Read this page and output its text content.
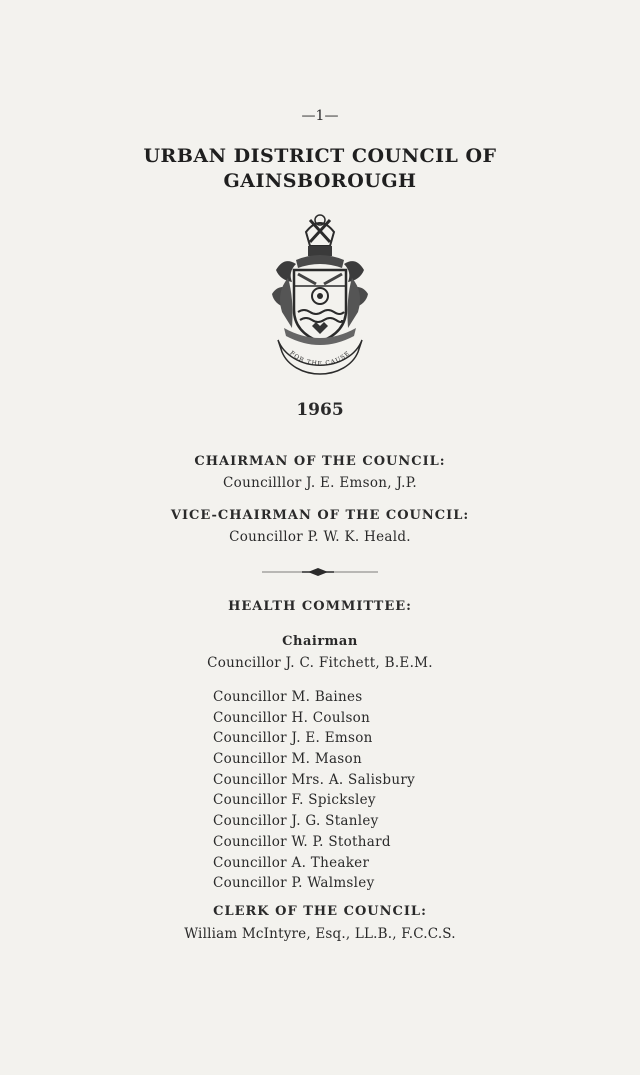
—1—
URBAN DISTRICT COUNCIL OF
GAINSBOROUGH
FOR THE CAUSE
1965
CHAIRMAN OF THE COUNCIL:
Councilllor J. E. Emson, J.P.
VICE-CHAIRMAN OF THE COUNCIL:
Councillor P. W. K. Heald.
HEALTH COMMITTEE:
Chairman
Councillor J. C. Fitchett, B.E.M.
Councillor M. Baines
Councillor H. Coulson
Councillor J. E. Emson
Councillor M. Mason
Councillor Mrs. A. Salisbury
Councillor F. Spicksley
Councillor J. G. Stanley
Councillor W. P. Stothard
Councillor A. Theaker
Councillor P. Walmsley
CLERK OF THE COUNCIL:
William McIntyre, Esq., LL.B., F.C.C.S.
